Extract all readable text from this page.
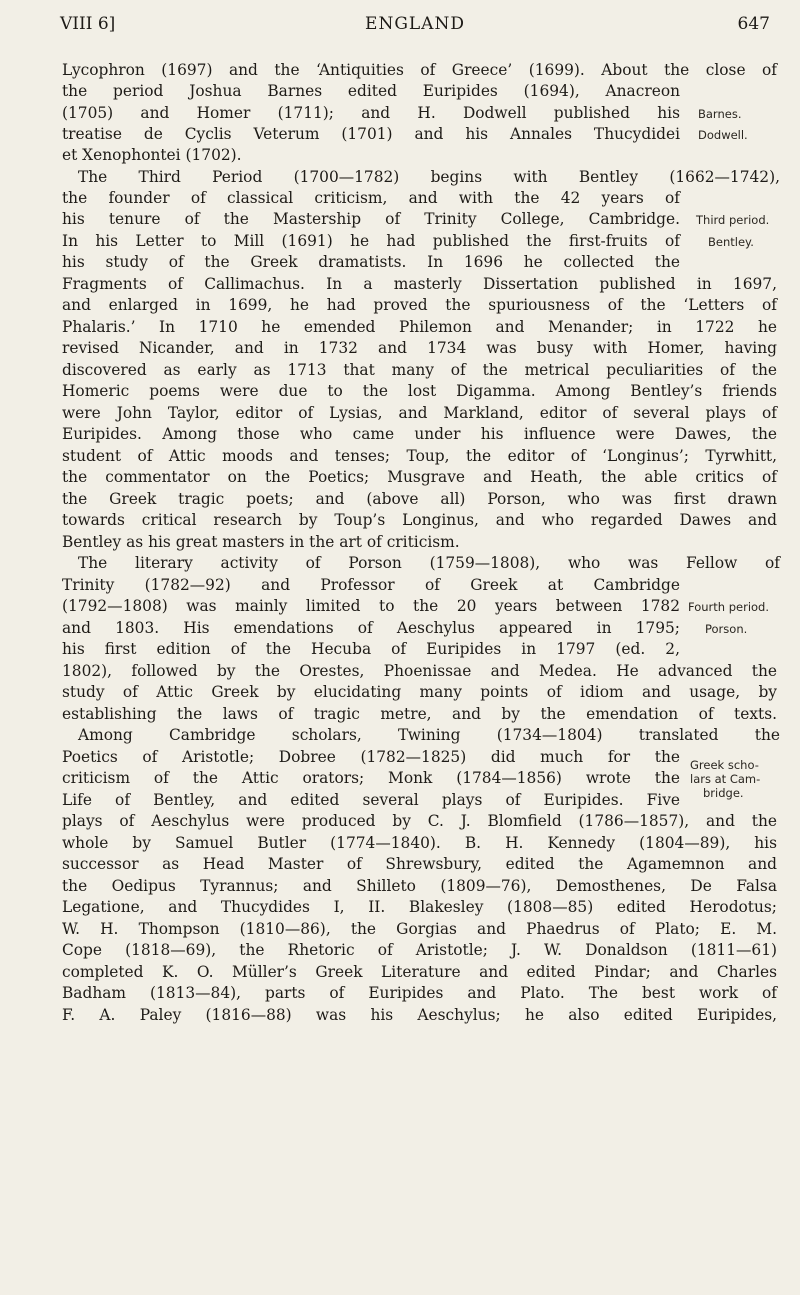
VIII 6]	ENGLAND	647
Lycophron (1697) and the ‘Antiquities of Greece’ (1699). About the close of
the period Joshua Barnes edited Euripides (1694), Anacreon
(1705) and Homer (1711); and H. Dodwell published his
treatise de Cyclis Veterum (1701) and his Annales Thucydidei
et Xenophontei (1702).
The Third Period (1700—1782) begins with Bentley (1662—1742),
the founder of classical criticism, and with the 42 years of
his tenure of the Mastership of Trinity College, Cambridge.
In his Letter to Mill (1691) he had published the first-fruits of
his study of the Greek dramatists. In 1696 he collected the
Fragments of Callimachus. In a masterly Dissertation published in 1697,
and enlarged in 1699, he had proved the spuriousness of the ‘Letters of
Phalaris.’ In 1710 he emended Philemon and Menander; in 1722 he
revised Nicander, and in 1732 and 1734 was busy with Homer, having
discovered as early as 1713 that many of the metrical peculiarities of the
Homeric poems were due to the lost Digamma. Among Bentley’s friends
were John Taylor, editor of Lysias, and Markland, editor of several plays of
Euripides. Among those who came under his influence were Dawes, the
student of Attic moods and tenses; Toup, the editor of ‘Longinus’; Tyrwhitt,
the commentator on the Poetics; Musgrave and Heath, the able critics of
the Greek tragic poets; and (above all) Porson, who was first drawn
towards critical research by Toup’s Longinus, and who regarded Dawes and
Bentley as his great masters in the art of criticism.
The literary activity of Porson (1759—1808), who was Fellow of
Trinity (1782—92) and Professor of Greek at Cambridge
(1792—1808) was mainly limited to the 20 years between 1782
and 1803. His emendations of Aeschylus appeared in 1795;
his first edition of the Hecuba of Euripides in 1797 (ed. 2,
1802), followed by the Orestes, Phoenissae and Medea. He advanced the
study of Attic Greek by elucidating many points of idiom and usage, by
establishing the laws of tragic metre, and by the emendation of texts.
Among Cambridge scholars, Twining (1734—1804) translated the
Poetics of Aristotle; Dobree (1782—1825) did much for the
criticism of the Attic orators; Monk (1784—1856) wrote the
Life of Bentley, and edited several plays of Euripides. Five
plays of Aeschylus were produced by C. J. Blomfield (1786—1857), and the
whole by Samuel Butler (1774—1840). B. H. Kennedy (1804—89), his
successor as Head Master of Shrewsbury, edited the Agamemnon and
the Oedipus Tyrannus; and Shilleto (1809—76), Demosthenes, De Falsa
Legatione, and Thucydides I, II. Blakesley (1808—85) edited Herodotus;
W. H. Thompson (1810—86), the Gorgias and Phaedrus of Plato; E. M.
Cope (1818—69), the Rhetoric of Aristotle; J. W. Donaldson (1811—61)
completed K. O. Müller’s Greek Literature and edited Pindar; and Charles
Badham (1813—84), parts of Euripides and Plato. The best work of
F. A. Paley (1816—88) was his Aeschylus; he also edited Euripides,
Barnes.
Dodwell.
Third period.
Bentley.
Fourth period.
Porson.
Greek scho-
lars at Cam-
bridge.
